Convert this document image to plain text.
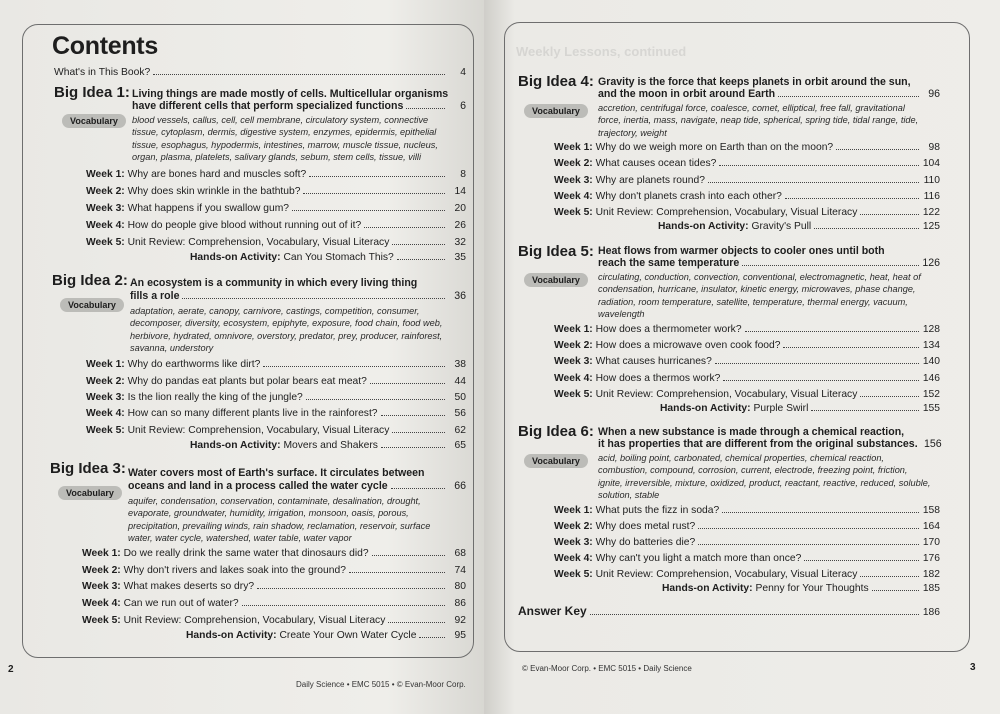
Contents
What's in This Book?	4
Big Idea 1: Living things are made mostly of cells. Multicellular organisms
have different cells that perform specialized functions	6
Vocabulary	blood vessels, callus, cell, cell membrane, circulatory system, connective tissue, cytoplasm, dermis, digestive system, enzymes, epidermis, epithelial tissue, esophagus, hypodermis, intestines, marrow, muscle tissue, nucleus, organ, plasma, platelets, salivary glands, sebum, stem cells, tissue, villi
Week 1: Why are bones hard and muscles soft?	8
Week 2: Why does skin wrinkle in the bathtub?	14
Week 3: What happens if you swallow gum?	20
Week 4: How do people give blood without running out of it?	26
Week 5: Unit Review: Comprehension, Vocabulary, Visual Literacy	32
Hands-on Activity: Can You Stomach This?	35
Big Idea 2: An ecosystem is a community in which every living thing
fills a role	36
Vocabulary
adaptation, aerate, canopy, carnivore, castings, competition, consumer, decomposer, diversity, ecosystem, epiphyte, exposure, food chain, food web, herbivore, hydrated, omnivore, overstory, predator, prey, producer, rainforest, savanna, understory
Week 1: Why do earthworms like dirt?	38
Week 2: Why do pandas eat plants but polar bears eat meat?	44
Week 3: Is the lion really the king of the jungle?	50
Week 4: How can so many different plants live in the rainforest?	56
Week 5: Unit Review: Comprehension, Vocabulary, Visual Literacy	62
Hands-on Activity: Movers and Shakers	65
Big Idea 3: Water covers most of Earth's surface. It circulates between
oceans and land in a process called the water cycle	66
Vocabulary
aquifer, condensation, conservation, contaminate, desalination, drought, evaporate, groundwater, humidity, irrigation, monsoon, oasis, porous, precipitation, prevailing winds, rain shadow, reclamation, reservoir, surface water, water cycle, watershed, water table, water vapor
Week 1: Do we really drink the same water that dinosaurs did?	68
Week 2: Why don't rivers and lakes soak into the ground?	74
Week 3: What makes deserts so dry?	80
Week 4: Can we run out of water?	86
Week 5: Unit Review: Comprehension, Vocabulary, Visual Literacy	92
Hands-on Activity: Create Your Own Water Cycle	95
2
Daily Science • EMC 5015 • © Evan-Moor Corp.
Weekly Lessons, continued
Big Idea 4: Gravity is the force that keeps planets in orbit around the sun,
and the moon in orbit around Earth	96
Vocabulary	accretion, centrifugal force, coalesce, comet, elliptical, free fall, gravitational force, inertia, mass, navigate, neap tide, spherical, spring tide, tidal range, tide, trajectory, weight
Week 1: Why do we weigh more on Earth than on the moon?	98
Week 2: What causes ocean tides?	104
Week 3: Why are planets round?	110
Week 4: Why don't planets crash into each other?	116
Week 5: Unit Review: Comprehension, Vocabulary, Visual Literacy	122
Hands-on Activity: Gravity's Pull	125
Big Idea 5: Heat flows from warmer objects to cooler ones until both
reach the same temperature	126
Vocabulary	circulating, conduction, convection, conventional, electromagnetic, heat, heat of condensation, hurricane, insulator, kinetic energy, microwaves, phase change, radiation, room temperature, satellite, temperature, thermal energy, vacuum, wavelength
Week 1: How does a thermometer work?	128
Week 2: How does a microwave oven cook food?	134
Week 3: What causes hurricanes?	140
Week 4: How does a thermos work?	146
Week 5: Unit Review: Comprehension, Vocabulary, Visual Literacy	152
Hands-on Activity: Purple Swirl	155
Big Idea 6: When a new substance is made through a chemical reaction,
it has properties that are different from the original substances. 156
Vocabulary	acid, boiling point, carbonated, chemical properties, chemical reaction, combustion, compound, corrosion, current, electrode, freezing point, friction, ignite, irreversible, mixture, oxidized, product, reactant, reactive, reduced, soluble, solution, stable
Week 1: What puts the fizz in soda?	158
Week 2: Why does metal rust?	164
Week 3: Why do batteries die?	170
Week 4: Why can't you light a match more than once?	176
Week 5: Unit Review: Comprehension, Vocabulary, Visual Literacy	182
Hands-on Activity: Penny for Your Thoughts	185
Answer Key	186
© Evan-Moor Corp. • EMC 5015 • Daily Science	3
